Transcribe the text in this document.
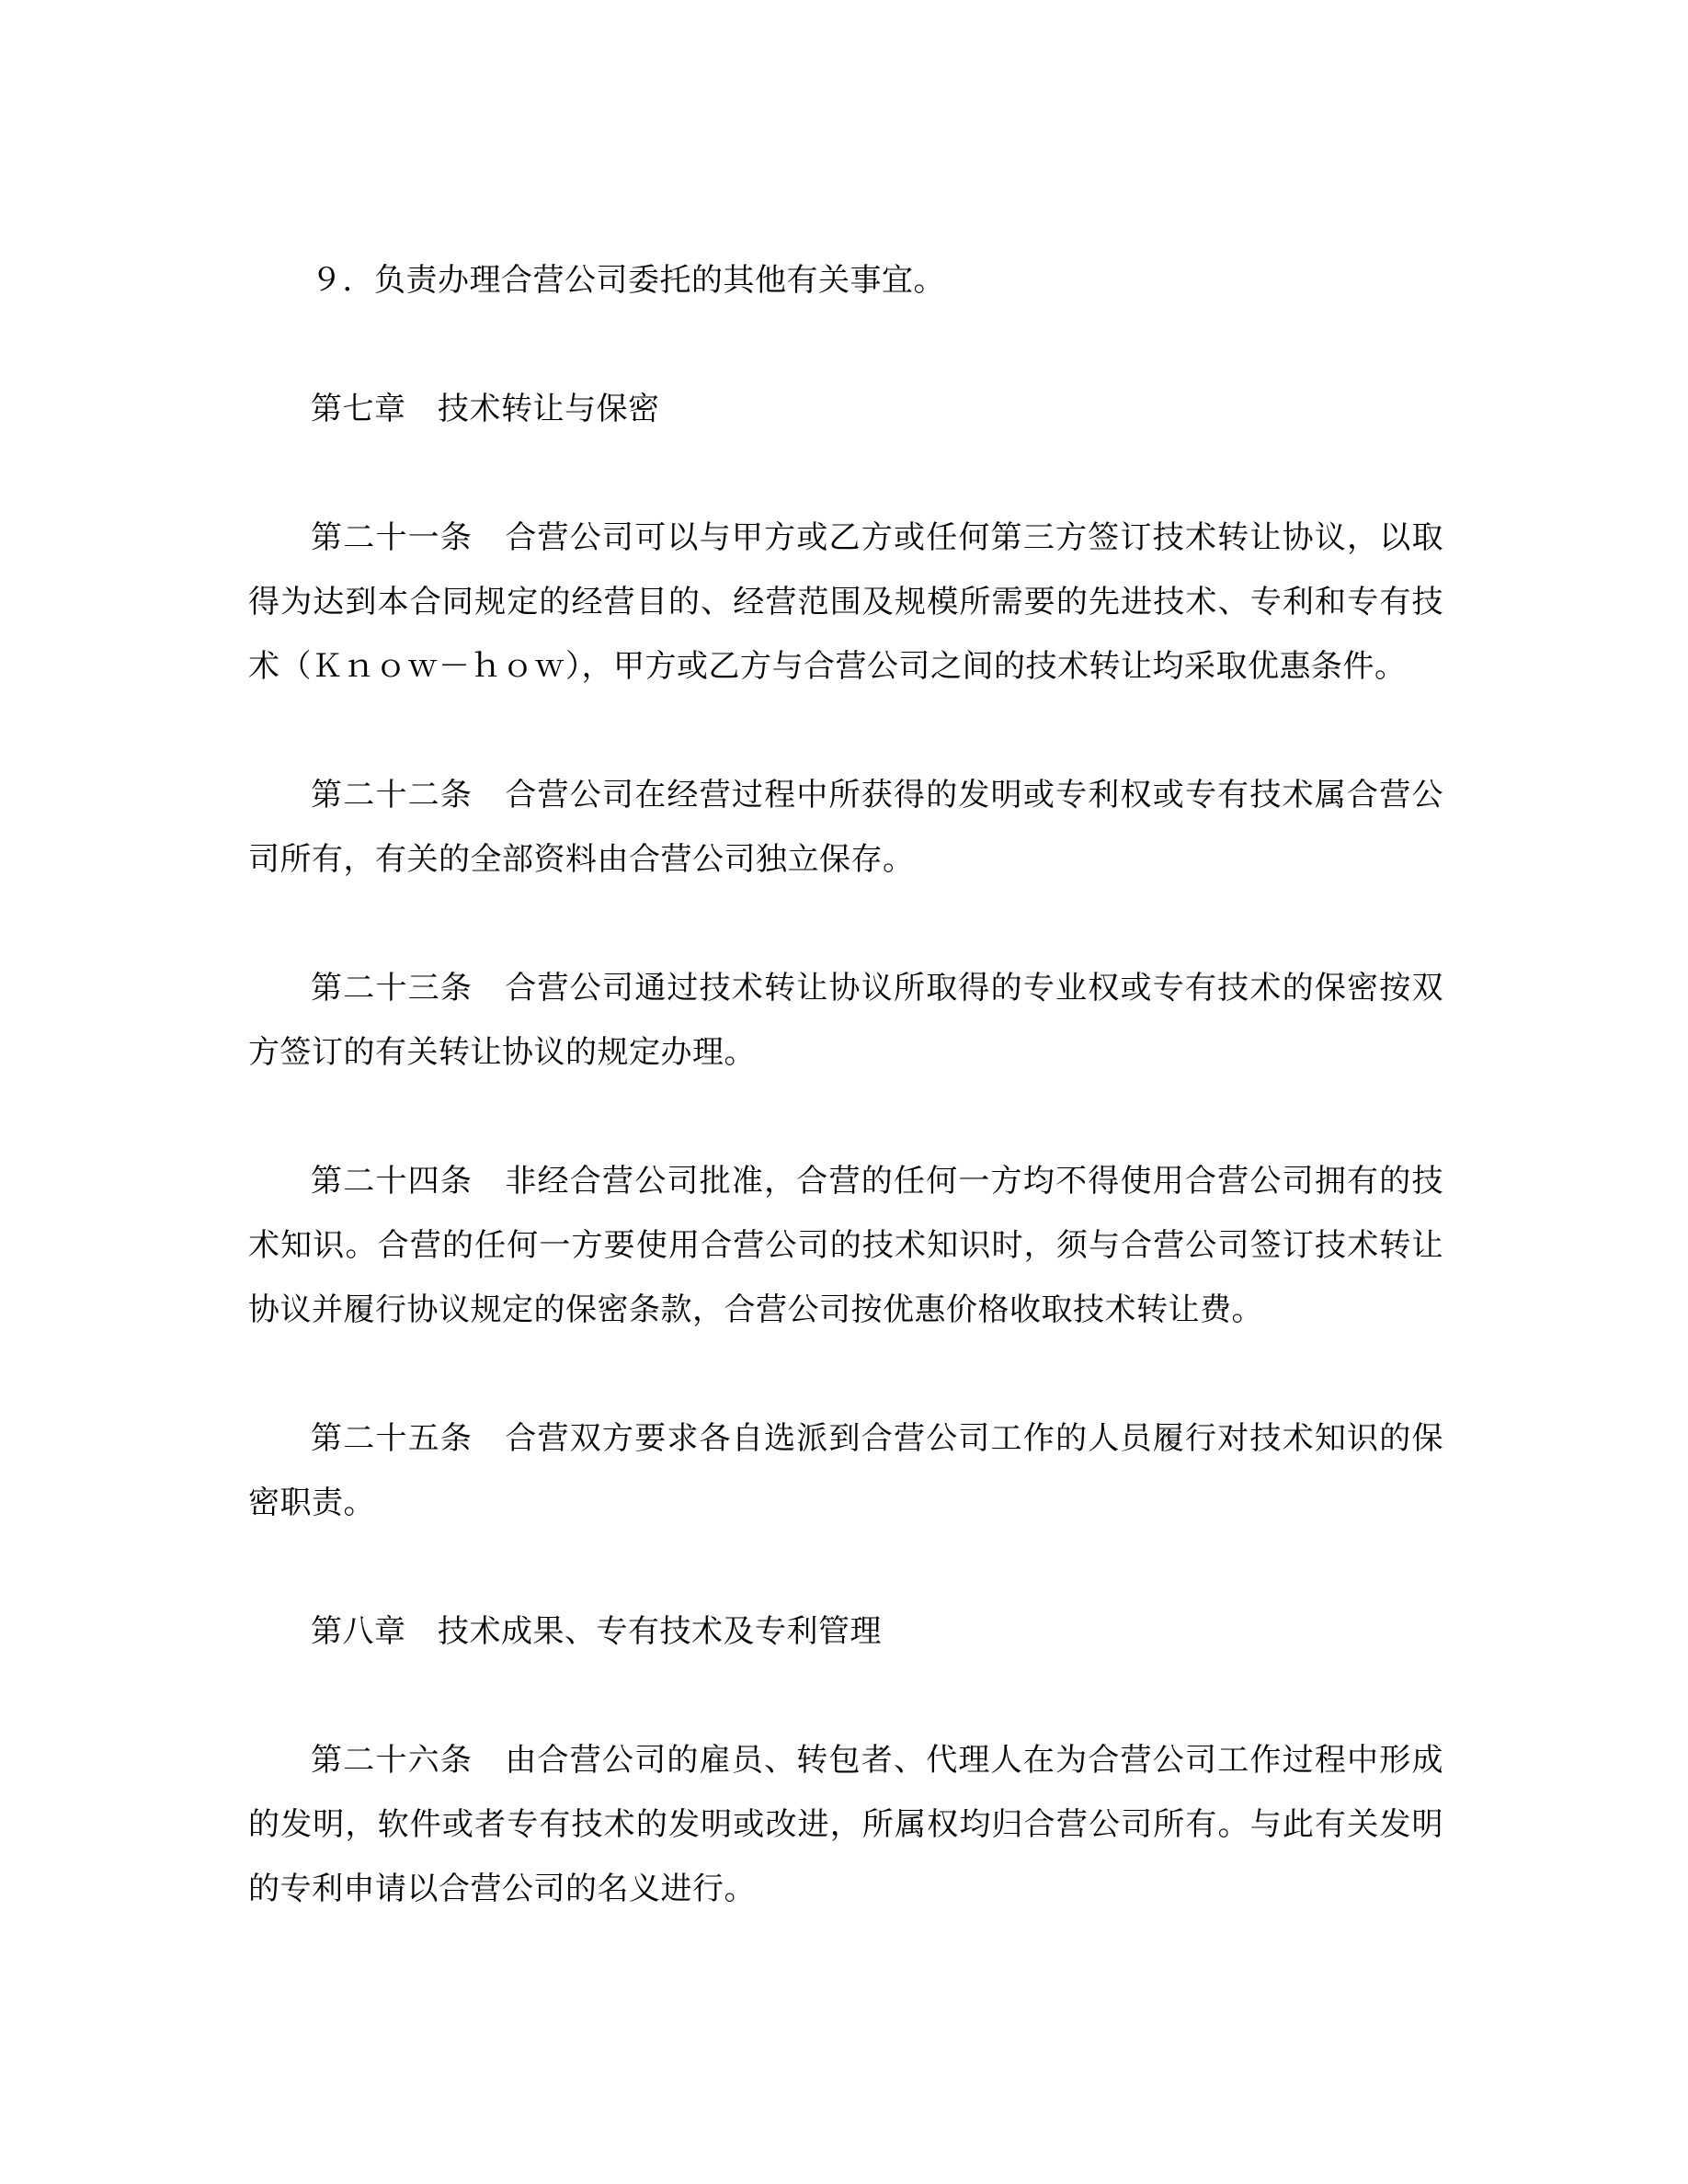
９．负责办理合营公司委托的其他有关事宜。

第七章　技术转让与保密

第二十一条　合营公司可以与甲方或乙方或任何第三方签订技术转让协议，以取得为达到本合同规定的经营目的、经营范围及规模所需要的先进技术、专利和专有技术（Ｋｎｏｗ－ｈｏｗ），甲方或乙方与合营公司之间的技术转让均采取优惠条件。

第二十二条　合营公司在经营过程中所获得的发明或专利权或专有技术属合营公司所有，有关的全部资料由合营公司独立保存。

第二十三条　合营公司通过技术转让协议所取得的专业权或专有技术的保密按双方签订的有关转让协议的规定办理。

第二十四条　非经合营公司批准，合营的任何一方均不得使用合营公司拥有的技术知识。合营的任何一方要使用合营公司的技术知识时，须与合营公司签订技术转让协议并履行协议规定的保密条款，合营公司按优惠价格收取技术转让费。

第二十五条　合营双方要求各自选派到合营公司工作的人员履行对技术知识的保密职责。

第八章　技术成果、专有技术及专利管理

第二十六条　由合营公司的雇员、转包者、代理人在为合营公司工作过程中形成的发明，软件或者专有技术的发明或改进，所属权均归合营公司所有。与此有关发明的专利申请以合营公司的名义进行。
